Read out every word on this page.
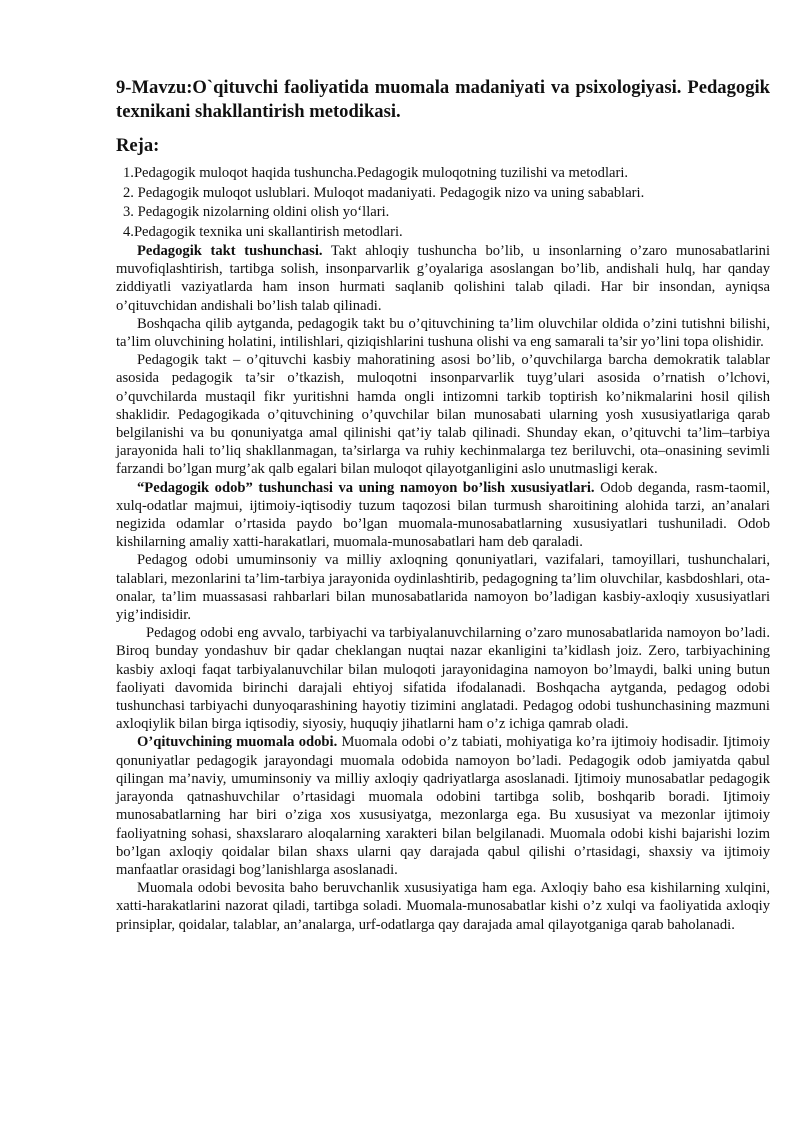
9-Mavzu:O`qituvchi faoliyatida muomala madaniyati va psixologiyasi. Pedagogik texnikani shakllantirish metodikasi.
Reja:
1.Pedagogik muloqot haqida tushuncha.Pedagogik muloqotning tuzilishi va metodlari.
2. Pedagogik muloqot uslublari. Muloqot madaniyati. Pedagogik nizo va uning sabablari.
3. Pedagogik nizolarning oldini olish yo‘llari.
4.Pedagogik texnika uni skallantirish metodlari.

Pedagogik takt tushunchasi. Takt ahloqiy tushuncha bo’lib, u insonlarning o’zaro munosabatlarini muvofiqlashtirish, tartibga solish, insonparvarlik g’oyalariga asoslangan bo’lib, andishali hulq, har qanday ziddiyatli vaziyatlarda ham inson hurmati saqlanib qolishini talab qiladi. Har bir insondan, ayniqsa o’qituvchidan andishali bo’lish talab qilinadi.

Boshqacha qilib aytganda, pedagogik takt bu o’qituvchining ta’lim oluvchilar oldida o’zini tutishni bilishi, ta’lim oluvchining holatini, intilishlari, qiziqishlarini tushuna olishi va eng samarali ta’sir yo’lini topa olishidir.

Pedagogik takt – o’qituvchi kasbiy mahoratining asosi bo’lib, o’quvchilarga barcha demokratik talablar asosida pedagogik ta’sir o’tkazish, muloqotni insonparvarlik tuyg’ulari asosida o’rnatish o’lchovi, o’quvchilarda mustaqil fikr yuritishni hamda ongli intizomni tarkib toptirish ko’nikmalarini hosil qilish shaklidir. Pedagogikada o’qituvchining o’quvchilar bilan munosabati ularning yosh xususiyatlariga qarab belgilanishi va bu qonuniyatga amal qilinishi qat’iy talab qilinadi. Shunday ekan, o’qituvchi ta’lim–tarbiya jarayonida hali to’liq shakllanmagan, ta’sirlarga va ruhiy kechinmalarga tez beriluvchi, ota–onasining sevimli farzandi bo’lgan murg’ak qalb egalari bilan muloqot qilayotganligini aslo unutmasligi kerak.

“Pedagogik odob” tushunchasi va uning namoyon bo’lish xususiyatlari. Odob deganda, rasm-taomil, xulq-odatlar majmui, ijtimoiy-iqtisodiy tuzum taqozosi bilan turmush sharoitining alohida tarzi, an’analari negizida odamlar o’rtasida paydo bo’lgan muomala-munosabatlarning xususiyatlari tushuniladi. Odob kishilarning amaliy xatti-harakatlari, muomala-munosabatlari ham deb qaraladi.

Pedagog odobi umuminsoniy va milliy axloqning qonuniyatlari, vazifalari, tamoyillari, tushunchalari, talablari, mezonlarini ta’lim-tarbiya jarayonida oydinlashtirib, pedagogning ta’lim oluvchilar, kasbdoshlari, ota-onalar, ta’lim muassasasi rahbarlari bilan munosabatlarida namoyon bo’ladigan kasbiy-axloqiy xususiyatlari yig’indisidir.

Pedagog odobi eng avvalo, tarbiyachi va tarbiyalanuvchilarning o’zaro munosabatlarida namoyon bo’ladi. Biroq bunday yondashuv bir qadar cheklangan nuqtai nazar ekanligini ta’kidlash joiz. Zero, tarbiyachining kasbiy axloqi faqat tarbiyalanuvchilar bilan muloqoti jarayonidagina namoyon bo’lmaydi, balki uning butun faoliyati davomida birinchi darajali ehtiyoj sifatida ifodalanadi. Boshqacha aytganda, pedagog odobi tushunchasi tarbiyachi dunyoqarashining hayotiy tizimini anglatadi. Pedagog odobi tushunchasining mazmuni axloqiylik bilan birga iqtisodiy, siyosiy, huquqiy jihatlarni ham o’z ichiga qamrab oladi.

O’qituvchining muomala odobi. Muomala odobi o’z tabiati, mohiyatiga ko’ra ijtimoiy hodisadir. Ijtimoiy qonuniyatlar pedagogik jarayondagi muomala odobida namoyon bo’ladi. Pedagogik odob jamiyatda qabul qilingan ma’naviy, umuminsoniy va milliy axloqiy qadriyatlarga asoslanadi. Ijtimoiy munosabatlar pedagogik jarayonda qatnashuvchilar o’rtasidagi muomala odobini tartibga solib, boshqarib boradi. Ijtimoiy munosabatlarning har biri o’ziga xos xususiyatga, mezonlarga ega. Bu xususiyat va mezonlar ijtimoiy faoliyatning sohasi, shaxslararo aloqalarning xarakteri bilan belgilanadi. Muomala odobi kishi bajarishi lozim bo’lgan axloqiy qoidalar bilan shaxs ularni qay darajada qabul qilishi o’rtasidagi, shaxsiy va ijtimoiy manfaatlar orasidagi bog’lanishlarga asoslanadi.

Muomala odobi bevosita baho beruvchanlik xususiyatiga ham ega. Axloqiy baho esa kishilarning xulqini, xatti-harakatlarini nazorat qiladi, tartibga soladi. Muomala-munosabatlar kishi o’z xulqi va faoliyatida axloqiy prinsiplar, qoidalar, talablar, an’analarga, urf-odatlarga qay darajada amal qilayotganiga qarab baholanadi.
